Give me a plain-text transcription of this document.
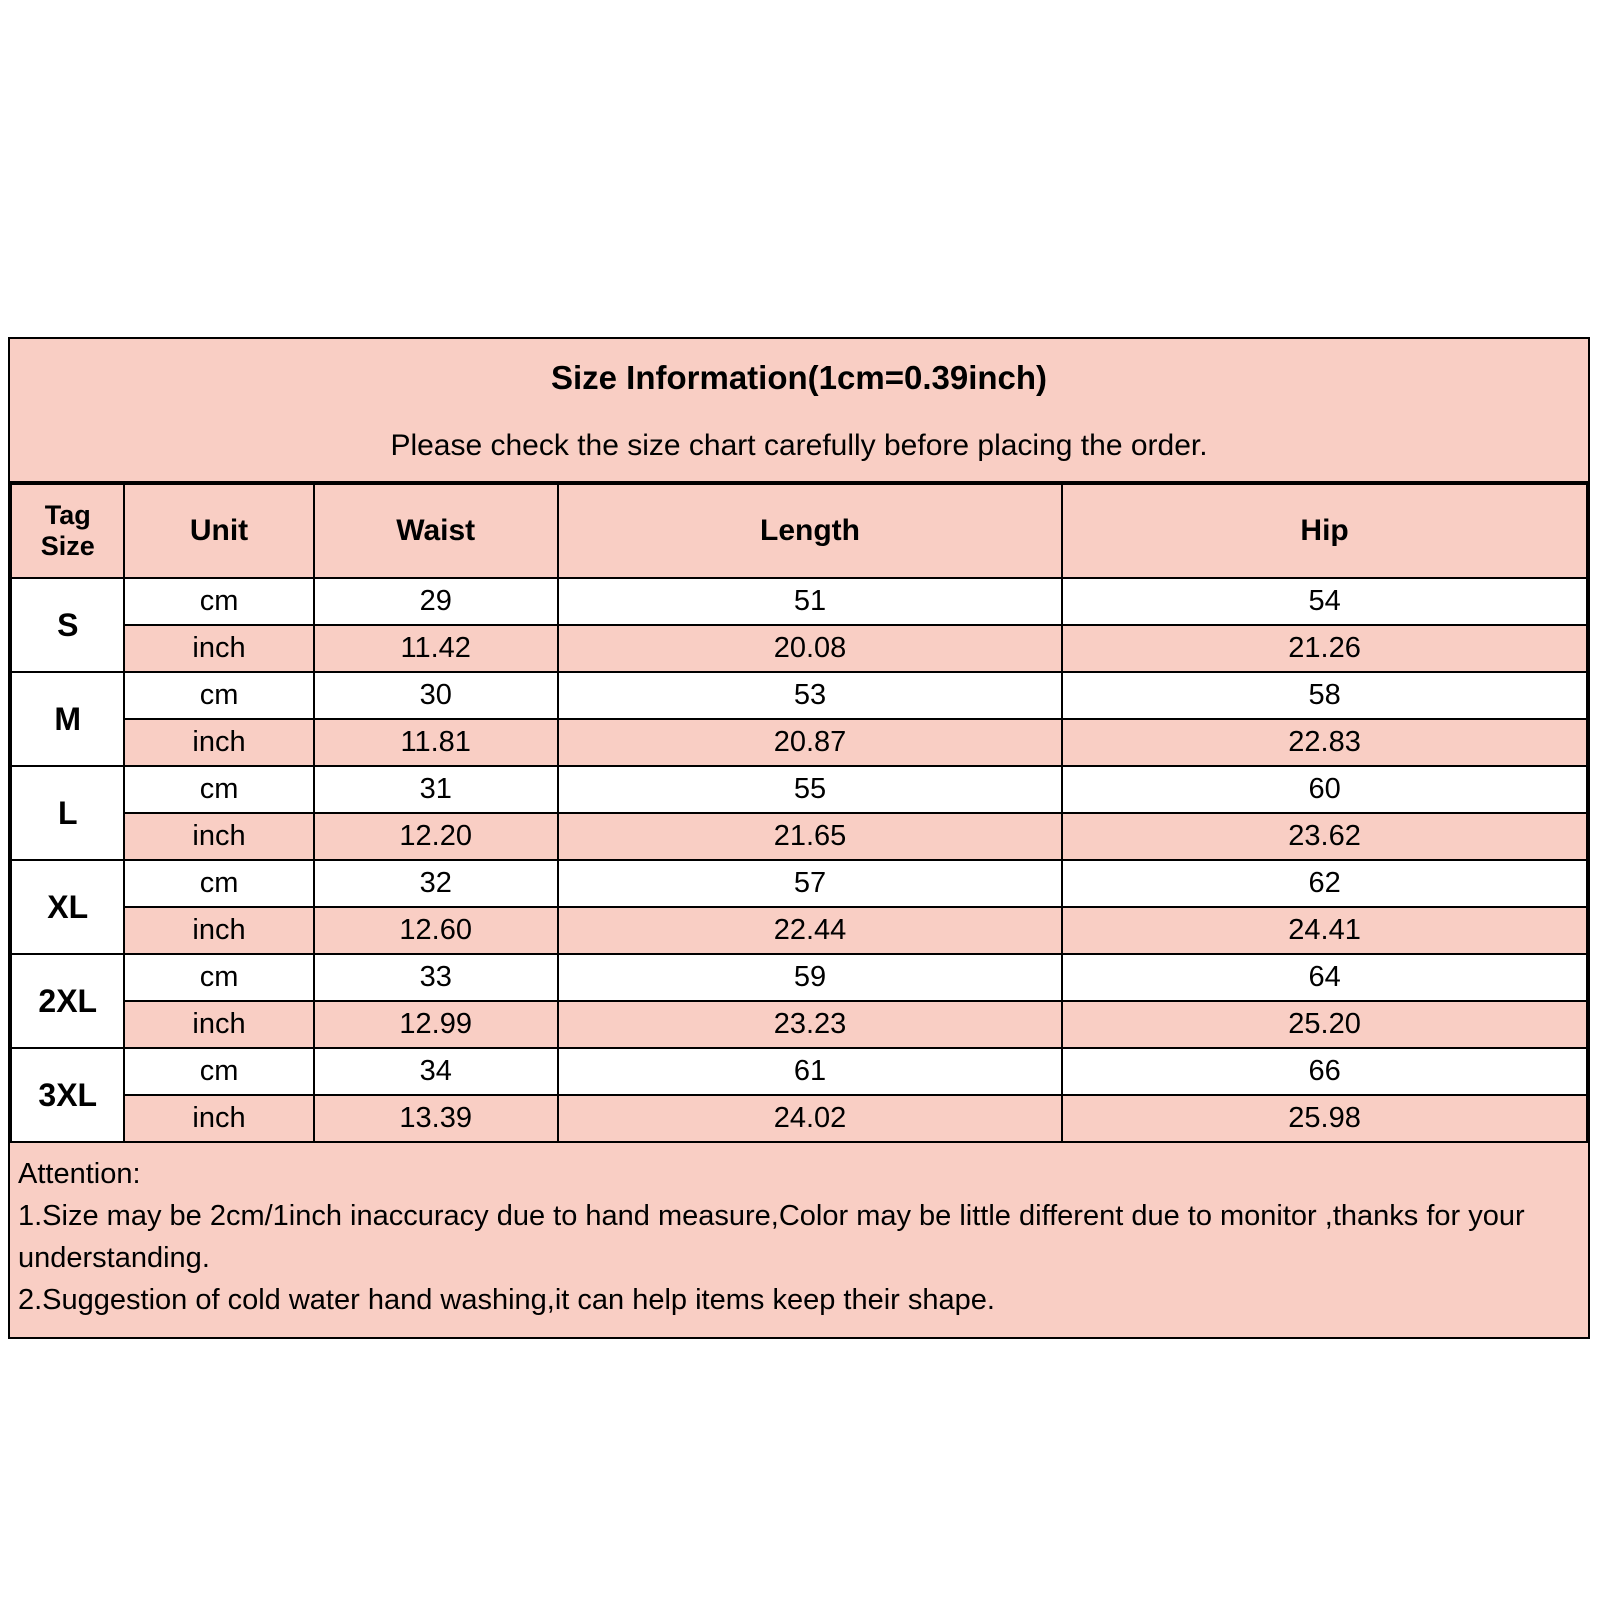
Size Information(1cm=0.39inch)
Please check the size chart carefully before placing the order.
Tag
Size	Unit	Waist	Length	Hip
S	cm	29	51	54
	inch	11.42	20.08	21.26
M	cm	30	53	58
	inch	11.81	20.87	22.83
L	cm	31	55	60
	inch	12.20	21.65	23.62
XL	cm	32	57	62
	inch	12.60	22.44	24.41
2XL	cm	33	59	64
	inch	12.99	23.23	25.20
3XL	cm	34	61	66
	inch	13.39	24.02	25.98
Attention:
1.Size may be 2cm/1inch inaccuracy due to hand measure,Color may be little different due to monitor ,thanks for your understanding.
2.Suggestion of cold water hand washing,it can help items keep their shape.
